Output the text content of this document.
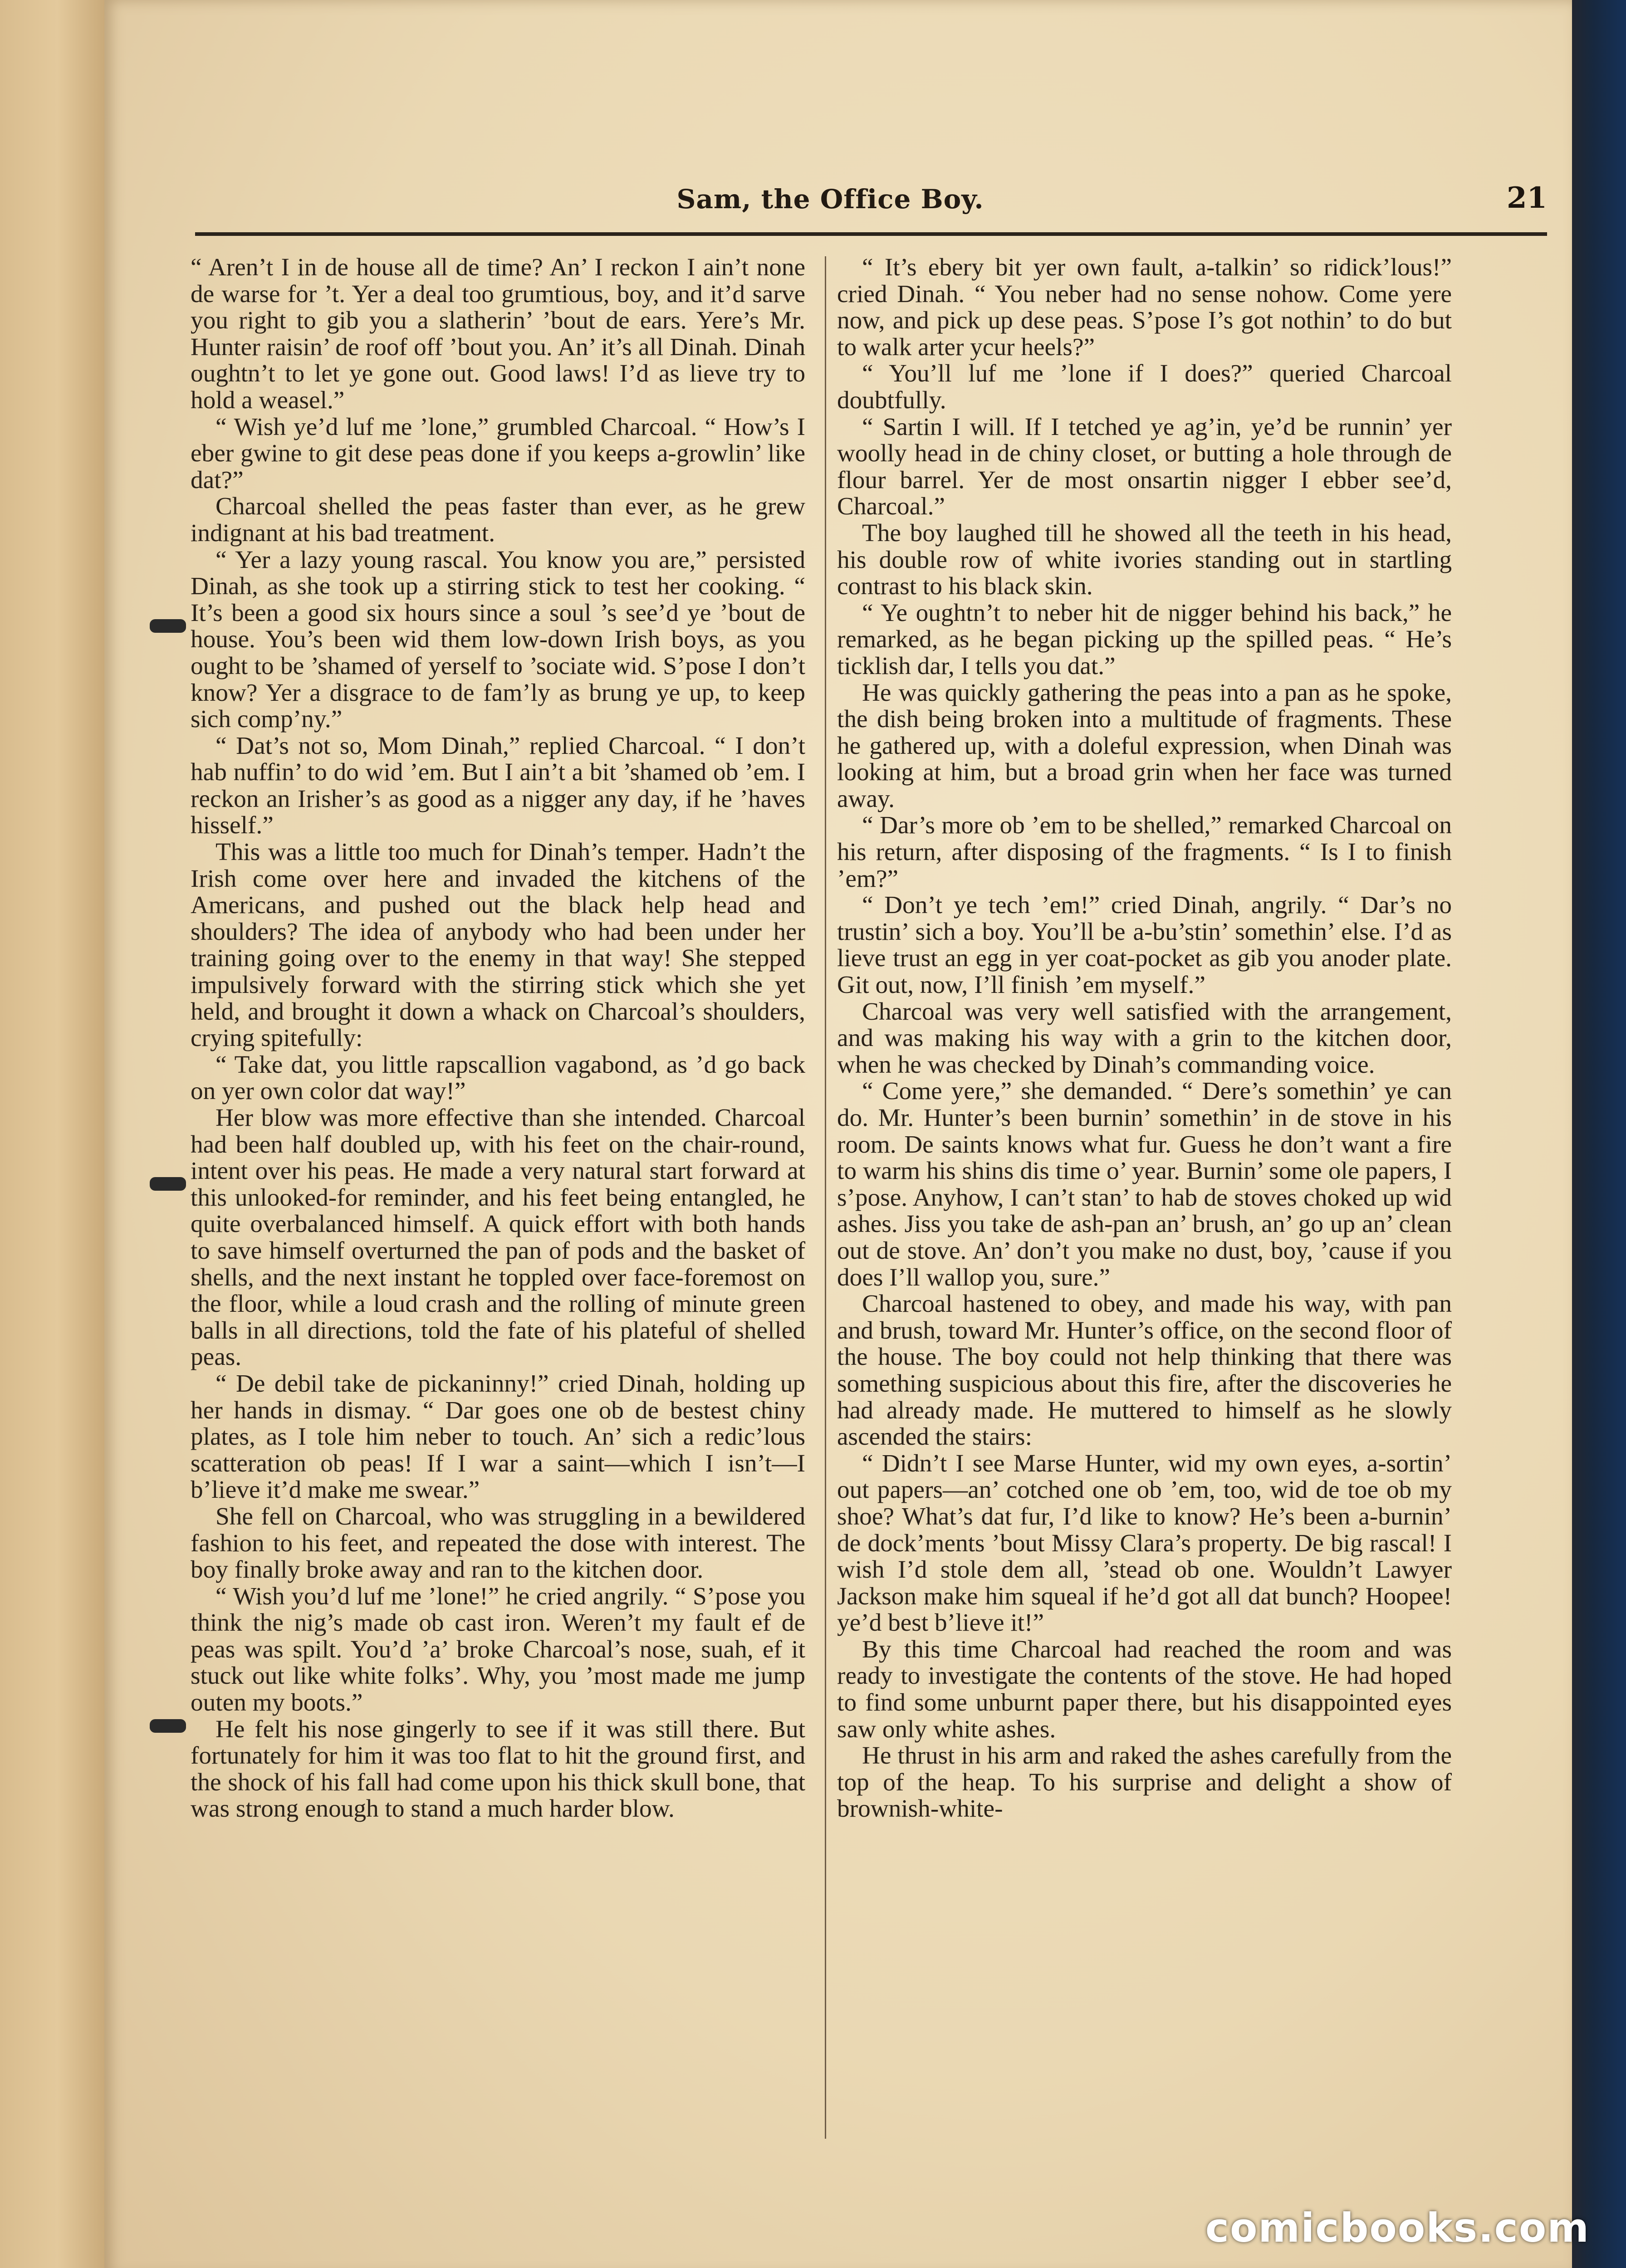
Sam, the Office Boy.	21

“ Aren’t I in de house all de time? An’ I reckon I ain’t none de warse for ’t. Yer a deal too grumtious, boy, and it’d sarve you right to gib you a slatherin’ ’bout de ears. Yere’s Mr. Hunter raisin’ de roof off ’bout you. An’ it’s all Dinah. Dinah oughtn’t to let ye gone out. Good laws! I’d as lieve try to hold a weasel.”

“ Wish ye’d luf me ’lone,” grumbled Charcoal. “ How’s I eber gwine to git dese peas done if you keeps a-growlin’ like dat?”

Charcoal shelled the peas faster than ever, as he grew indignant at his bad treatment.

“ Yer a lazy young rascal. You know you are,” persisted Dinah, as she took up a stirring stick to test her cooking. “ It’s been a good six hours since a soul ’s see’d ye ’bout de house. You’s been wid them low-down Irish boys, as you ought to be ’shamed of yerself to ’sociate wid. S’pose I don’t know? Yer a disgrace to de fam’ly as brung ye up, to keep sich comp’ny.”

“ Dat’s not so, Mom Dinah,” replied Charcoal. “ I don’t hab nuffin’ to do wid ’em. But I ain’t a bit ’shamed ob ’em. I reckon an Irisher’s as good as a nigger any day, if he ’haves hisself.”

This was a little too much for Dinah’s temper. Hadn’t the Irish come over here and invaded the kitchens of the Americans, and pushed out the black help head and shoulders? The idea of anybody who had been under her training going over to the enemy in that way! She stepped impulsively forward with the stirring stick which she yet held, and brought it down a whack on Charcoal’s shoulders, crying spitefully:

“ Take dat, you little rapscallion vagabond, as ’d go back on yer own color dat way!”

Her blow was more effective than she intended. Charcoal had been half doubled up, with his feet on the chair-round, intent over his peas. He made a very natural start forward at this unlooked-for reminder, and his feet being entangled, he quite overbalanced himself. A quick effort with both hands to save himself overturned the pan of pods and the basket of shells, and the next instant he toppled over face-foremost on the floor, while a loud crash and the rolling of minute green balls in all directions, told the fate of his plateful of shelled peas.

“ De debil take de pickaninny!” cried Dinah, holding up her hands in dismay. “ Dar goes one ob de bestest chiny plates, as I tole him neber to touch. An’ sich a redic’lous scatteration ob peas! If I war a saint—which I isn’t—I b’lieve it’d make me swear.”

She fell on Charcoal, who was struggling in a bewildered fashion to his feet, and repeated the dose with interest. The boy finally broke away and ran to the kitchen door.

“ Wish you’d luf me ’lone!” he cried angrily. “ S’pose you think the nig’s made ob cast iron. Weren’t my fault ef de peas was spilt. You’d ’a’ broke Charcoal’s nose, suah, ef it stuck out like white folks’. Why, you ’most made me jump outen my boots.”

He felt his nose gingerly to see if it was still there. But fortunately for him it was too flat to hit the ground first, and the shock of his fall had come upon his thick skull bone, that was strong enough to stand a much harder blow.

“ It’s ebery bit yer own fault, a-talkin’ so ridick’lous!” cried Dinah. “ You neber had no sense nohow. Come yere now, and pick up dese peas. S’pose I’s got nothin’ to do but to walk arter ycur heels?”

“ You’ll luf me ’lone if I does?” queried Charcoal doubtfully.

“ Sartin I will. If I tetched ye ag’in, ye’d be runnin’ yer woolly head in de chiny closet, or butting a hole through de flour barrel. Yer de most onsartin nigger I ebber see’d, Charcoal.”

The boy laughed till he showed all the teeth in his head, his double row of white ivories standing out in startling contrast to his black skin.

“ Ye oughtn’t to neber hit de nigger behind his back,” he remarked, as he began picking up the spilled peas. “ He’s ticklish dar, I tells you dat.”

He was quickly gathering the peas into a pan as he spoke, the dish being broken into a multitude of fragments. These he gathered up, with a doleful expression, when Dinah was looking at him, but a broad grin when her face was turned away.

“ Dar’s more ob ’em to be shelled,” remarked Charcoal on his return, after disposing of the fragments. “ Is I to finish ’em?”

“ Don’t ye tech ’em!” cried Dinah, angrily. “ Dar’s no trustin’ sich a boy. You’ll be a-bu’stin’ somethin’ else. I’d as lieve trust an egg in yer coat-pocket as gib you anoder plate. Git out, now, I’ll finish ’em myself.”

Charcoal was very well satisfied with the arrangement, and was making his way with a grin to the kitchen door, when he was checked by Dinah’s commanding voice.

“ Come yere,” she demanded. “ Dere’s somethin’ ye can do. Mr. Hunter’s been burnin’ somethin’ in de stove in his room. De saints knows what fur. Guess he don’t want a fire to warm his shins dis time o’ year. Burnin’ some ole papers, I s’pose. Anyhow, I can’t stan’ to hab de stoves choked up wid ashes. Jiss you take de ash-pan an’ brush, an’ go up an’ clean out de stove. An’ don’t you make no dust, boy, ’cause if you does I’ll wallop you, sure.”

Charcoal hastened to obey, and made his way, with pan and brush, toward Mr. Hunter’s office, on the second floor of the house. The boy could not help thinking that there was something suspicious about this fire, after the discoveries he had already made. He muttered to himself as he slowly ascended the stairs:

“ Didn’t I see Marse Hunter, wid my own eyes, a-sortin’ out papers—an’ cotched one ob ’em, too, wid de toe ob my shoe? What’s dat fur, I’d like to know? He’s been a-burnin’ de dock’ments ’bout Missy Clara’s property. De big rascal! I wish I’d stole dem all, ’stead ob one. Wouldn’t Lawyer Jackson make him squeal if he’d got all dat bunch? Hoopee! ye’d best b’lieve it!”

By this time Charcoal had reached the room and was ready to investigate the contents of the stove. He had hoped to find some unburnt paper there, but his disappointed eyes saw only white ashes.

He thrust in his arm and raked the ashes carefully from the top of the heap. To his surprise and delight a show of brownish-white-

comicbooks.com
